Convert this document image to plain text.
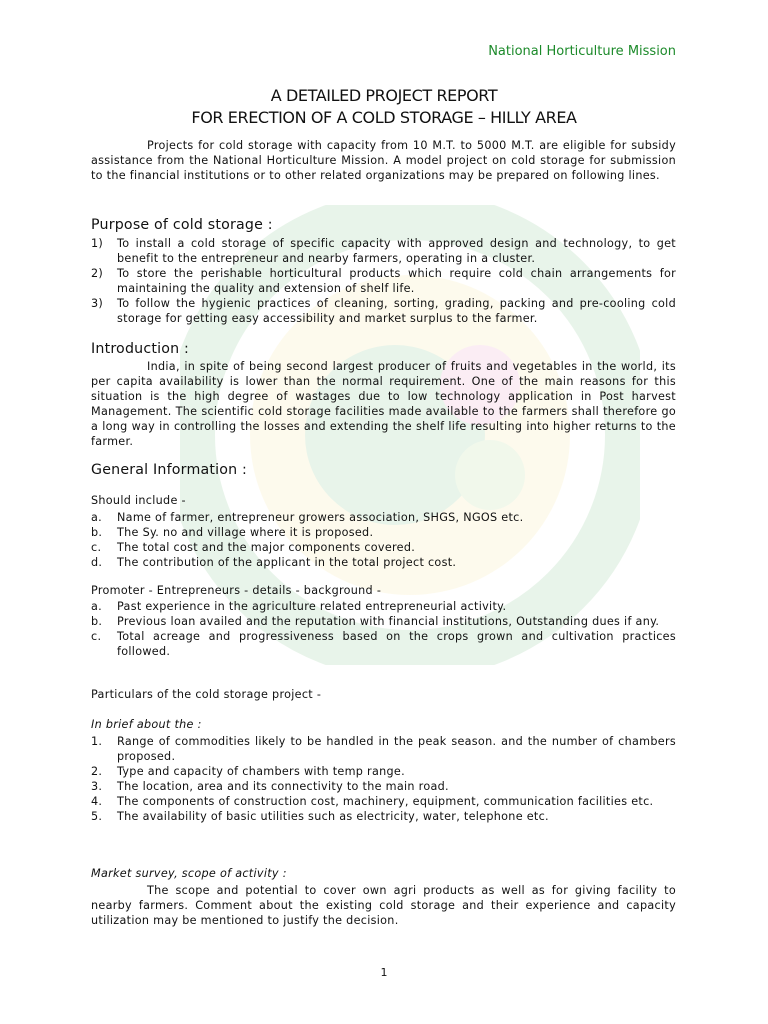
National Horticulture Mission
A DETAILED PROJECT REPORT
FOR ERECTION OF A COLD STORAGE – HILLY AREA
Projects for cold storage with capacity from 10 M.T. to 5000 M.T. are eligible for subsidy assistance from the National Horticulture Mission. A model project on cold storage for submission to the financial institutions or to other related organizations may be prepared on following lines.
Purpose of cold storage :
1) To install a cold storage of specific capacity with approved design and technology, to get benefit to the entrepreneur and nearby farmers, operating in a cluster.
2) To store the perishable horticultural products which require cold chain arrangements for maintaining the quality and extension of shelf life.
3) To follow the hygienic practices of cleaning, sorting, grading, packing and pre-cooling cold storage for getting easy accessibility and market surplus to the farmer.
Introduction :
India, in spite of being second largest producer of fruits and vegetables in the world, its per capita availability is lower than the normal requirement. One of the main reasons for this situation is the high degree of wastages due to low technology application in Post harvest Management. The scientific cold storage facilities made available to the farmers shall therefore go a long way in controlling the losses and extending the shelf life resulting into higher returns to the farmer.
General Information :
Should include -
a. Name of farmer, entrepreneur growers association, SHGS, NGOS etc.
b. The Sy. no and village where it is proposed.
c. The total cost and the major components covered.
d. The contribution of the applicant in the total project cost.
Promoter - Entrepreneurs - details - background -
a. Past experience in the agriculture related entrepreneurial activity.
b. Previous loan availed and the reputation with financial institutions, Outstanding dues if any.
c. Total acreage and progressiveness based on the crops grown and cultivation practices followed.
Particulars of the cold storage project -
In brief about the :
1. Range of commodities likely to be handled in the peak season. and the number of chambers proposed.
2. Type and capacity of chambers with temp range.
3. The location, area and its connectivity to the main road.
4. The components of construction cost, machinery, equipment, communication facilities etc.
5. The availability of basic utilities such as electricity, water, telephone etc.
Market survey, scope of activity :
The scope and potential to cover own agri products as well as for giving facility to nearby farmers. Comment about the existing cold storage and their experience and capacity utilization may be mentioned to justify the decision.
1
